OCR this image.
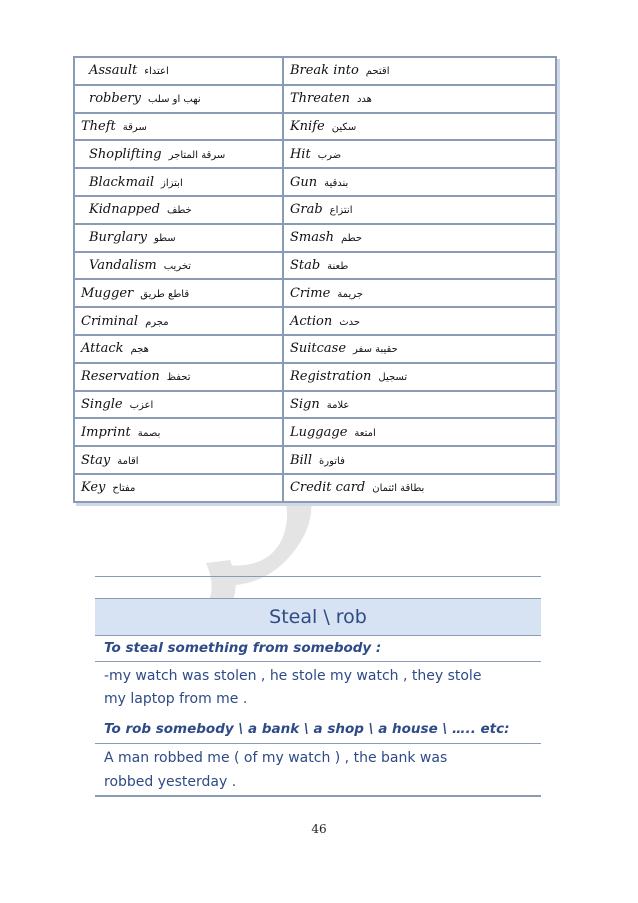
Assault اعتداء	Break into اقتحم
robbery نهب او سلب	Threaten هدد
Theft سرقة	Knife سكين
Shoplifting سرقة المتاجر	Hit ضرب
Blackmail ابتزاز	Gun بندقية
Kidnapped خطف	Grab انتزاع
Burglary سطو	Smash حطم
Vandalism تخريب	Stab طعنة
Mugger قاطع طريق	Crime جريمة
Criminal مجرم	Action حدث
Attack هجم	Suitcase حقيبة سفر
Reservation تحفظ	Registration تسجيل
Single اعزب	Sign علامة
Imprint بصمة	Luggage امتعة
Stay اقامة	Bill فاتورة
Key مفتاح	Credit card بطاقة ائتمان
Steal \ rob
To steal something from somebody :
-my watch was stolen , he stole my watch , they stole
my laptop from me .
To rob somebody \ a bank \ a shop \ a house \ ….. etc:
A man robbed me ( of my watch ) , the bank was
robbed yesterday .
46
